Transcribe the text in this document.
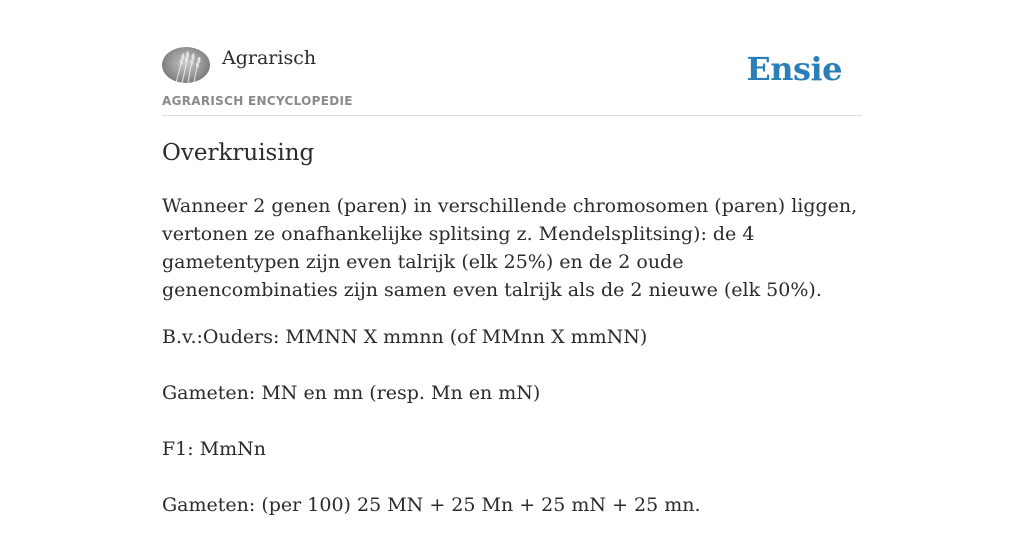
Agrarisch
AGRARISCH ENCYCLOPEDIE
Ensie
Overkruising

Wanneer 2 genen (paren) in verschillende chromosomen (paren) liggen, vertonen ze onafhankelijke splitsing z. Mendelsplitsing): de 4 gametentypen zijn even talrijk (elk 25%) en de 2 oude genencombinaties zijn samen even talrijk als de 2 nieuwe (elk 50%).

B.v.:Ouders: MMNN X mmnn (of MMnn X mmNN)

Gameten: MN en mn (resp. Mn en mN)

F1: MmNn

Gameten: (per 100) 25 MN + 25 Mn + 25 mN + 25 mn.
